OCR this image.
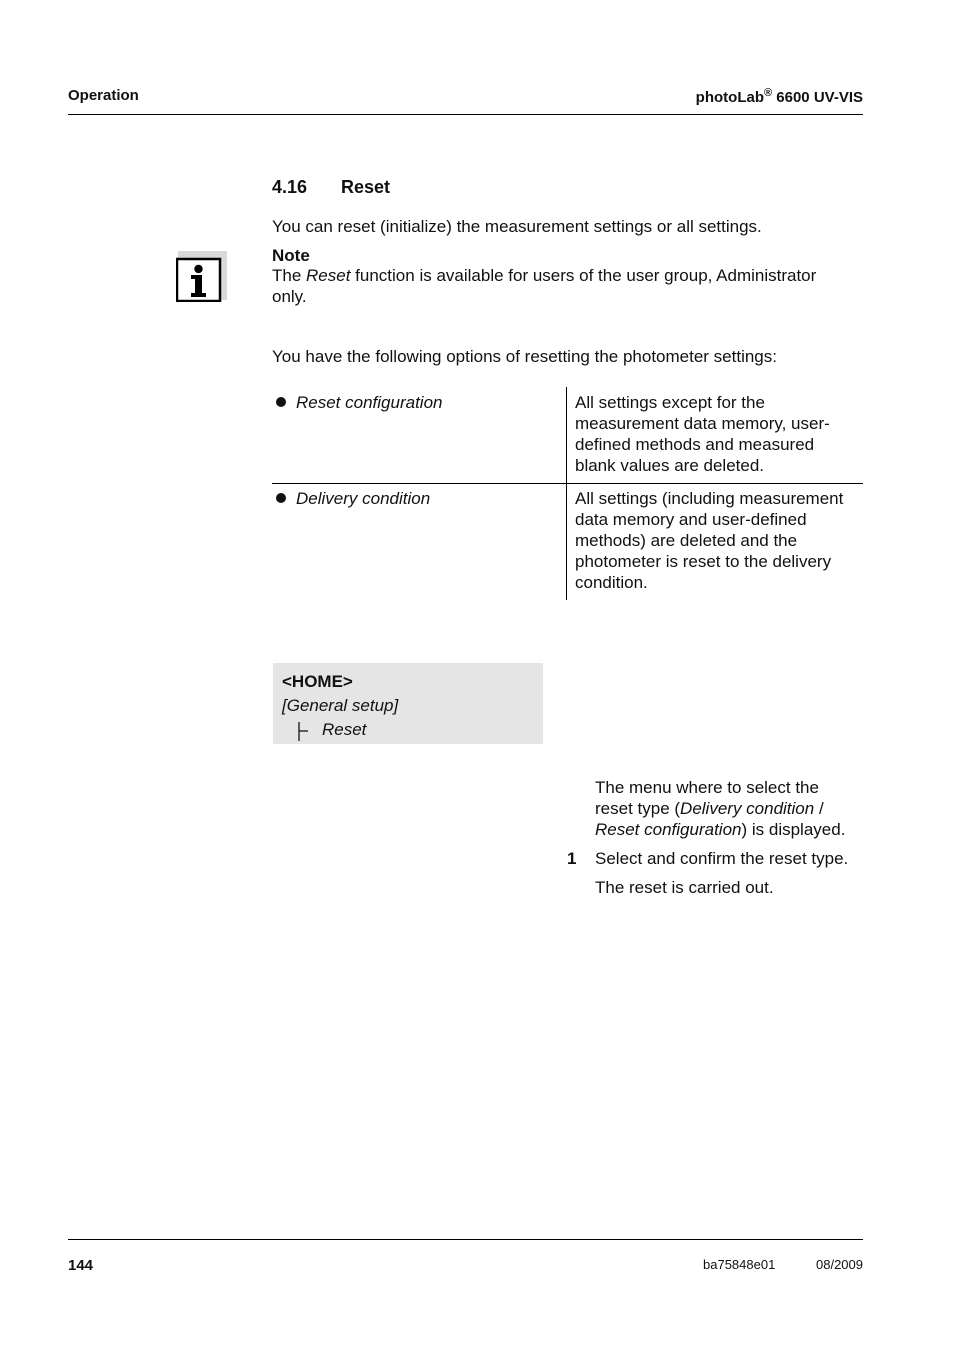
Operation	photoLab® 6600 UV-VIS
4.16 Reset
You can reset (initialize) the measurement settings or all settings.
Note
The Reset function is available for users of the user group, Administrator
only.
You have the following options of resetting the photometer settings:
Reset configuration	All settings except for the
measurement data memory, user-
defined methods and measured
blank values are deleted.
Delivery condition	All settings (including measurement
data memory and user-defined
methods) are deleted and the
photometer is reset to the delivery
condition.
<HOME>
[General setup]
Reset
The menu where to select the
reset type (Delivery condition /
Reset configuration) is displayed.
1 Select and confirm the reset type.
The reset is carried out.
144	ba75848e01	08/2009
